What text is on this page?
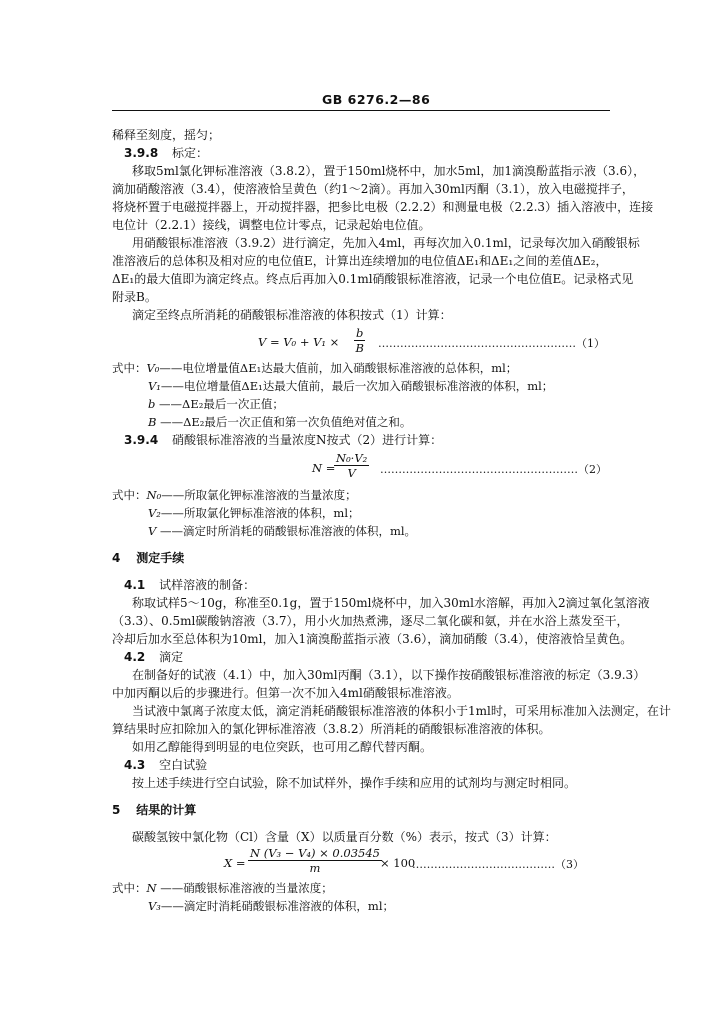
GB 6276.2—86
稀释至刻度，摇匀；
3.9.8 标定：
移取5ml氯化钾标准溶液（3.8.2），置于150ml烧杯中，加水5ml，加1滴溴酚蓝指示液（3.6），
滴加硝酸溶液（3.4），使溶液恰呈黄色（约1～2滴）。再加入30ml丙酮（3.1），放入电磁搅拌子，
将烧杯置于电磁搅拌器上，开动搅拌器，把参比电极（2.2.2）和测量电极（2.2.3）插入溶液中，连接
电位计（2.2.1）接线，调整电位计零点，记录起始电位值。
用硝酸银标准溶液（3.9.2）进行滴定，先加入4ml，再每次加入0.1ml，记录每次加入硝酸银标
准溶液后的总体积及相对应的电位值E，计算出连续增加的电位值ΔE₁和ΔE₁之间的差值ΔE₂，
ΔE₁的最大值即为滴定终点。终点后再加入0.1ml硝酸银标准溶液，记录一个电位值E。记录格式见
附录B。
滴定至终点所消耗的硝酸银标准溶液的体积按式（1）计算：
$V = V_0 + V_1 \times \frac{b}{B}$ ………………………………………………（1）
式中：V₀——电位增量值ΔE₁达最大值前，加入硝酸银标准溶液的总体积，ml；
V₁——电位增量值ΔE₁达最大值前，最后一次加入硝酸银标准溶液的体积，ml；
b ——ΔE₂最后一次正值；
B ——ΔE₂最后一次正值和第一次负值绝对值之和。
3.9.4 硝酸银标准溶液的当量浓度N按式（2）进行计算：
N =
$\frac{\text{N₀·V₂}}{V}$ ………………………………………………（2）
式中：N₀——所取氯化钾标准溶液的当量浓度；
V₂——所取氯化钾标准溶液的体积，ml；
V ——滴定时所消耗的硝酸银标准溶液的体积，ml。
4 测定手续
4.1 试样溶液的制备：
称取试样5～10g，称准至0.1g，置于150ml烧杯中，加入30ml水溶解，再加入2滴过氧化氢溶液
（3.3）、0.5ml碳酸钠溶液（3.7），用小火加热煮沸，逐尽二氧化碳和氨，并在水浴上蒸发至干，
冷却后加水至总体积为10ml，加入1滴溴酚蓝指示液（3.6），滴加硝酸（3.4），使溶液恰呈黄色。
4.2 滴定
在制备好的试液（4.1）中，加入30ml丙酮（3.1），以下操作按硝酸银标准溶液的标定（3.9.3）
中加丙酮以后的步骤进行。但第一次不加入4ml硝酸银标准溶液。
当试液中氯离子浓度太低，滴定消耗硝酸银标准溶液的体积小于1ml时，可采用标准加入法测定，在计
算结果时应扣除加入的氯化钾标准溶液（3.8.2）所消耗的硝酸银标准溶液的体积。
如用乙醇能得到明显的电位突跃，也可用乙醇代替丙酮。
4.3 空白试验
按上述手续进行空白试验，除不加试样外，操作手续和应用的试剂均与测定时相同。
5 结果的计算
碳酸氢铵中氯化物（Cl）含量（X）以质量百分数（%）表示，按式（3）计算：
$X = \frac{\text{N (V₃ − V₄) × 0.03545}}{m}$
× 100
…………………………………（3）
式中：N ——硝酸银标准溶液的当量浓度；
V₃——滴定时消耗硝酸银标准溶液的体积，ml；
